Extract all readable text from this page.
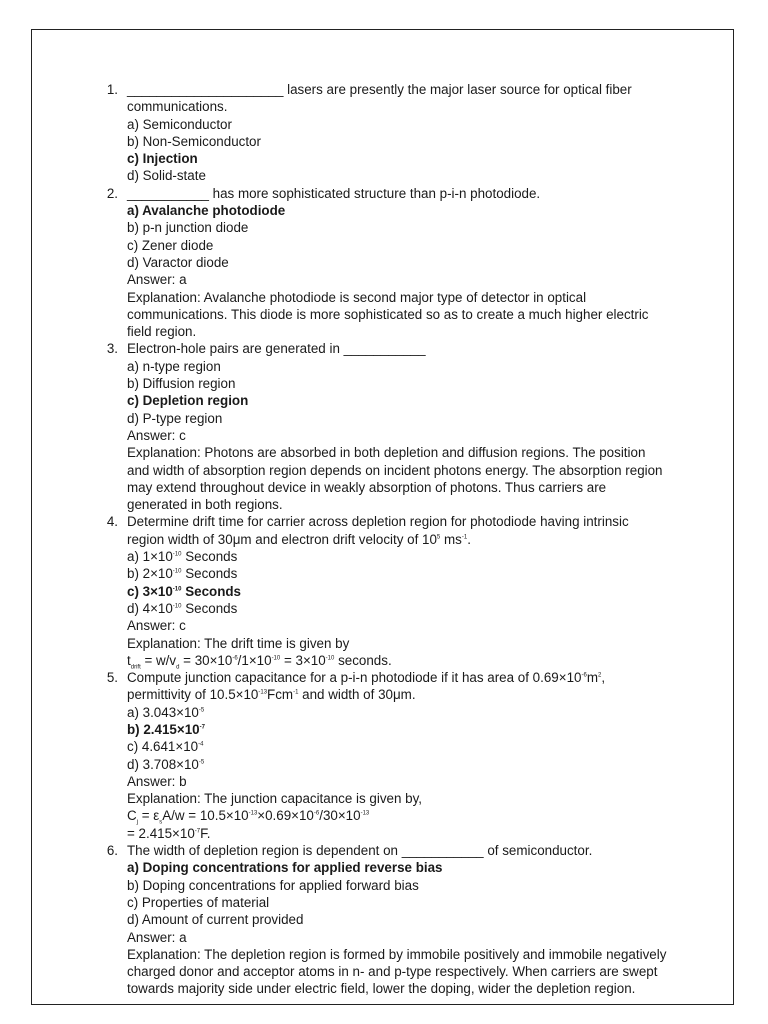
1. _____________________ lasers are presently the major laser source for optical fiber
communications.
a) Semiconductor
b) Non-Semiconductor
c) Injection
d) Solid-state
2. ___________ has more sophisticated structure than p-i-n photodiode.
a) Avalanche photodiode
b) p-n junction diode
c) Zener diode
d) Varactor diode
Answer: a
Explanation: Avalanche photodiode is second major type of detector in optical
communications. This diode is more sophisticated so as to create a much higher electric
field region.
3. Electron-hole pairs are generated in ___________
a) n-type region
b) Diffusion region
c) Depletion region
d) P-type region
Answer: c
Explanation: Photons are absorbed in both depletion and diffusion regions. The position
and width of absorption region depends on incident photons energy. The absorption region
may extend throughout device in weakly absorption of photons. Thus carriers are
generated in both regions.
4. Determine drift time for carrier across depletion region for photodiode having intrinsic
region width of 30μm and electron drift velocity of $10^5$ $ms^{-1}$.
a) $1\times 10^{-10}$ Seconds
b) $2\times 10^{-10}$ Seconds
c) $3\times 10^{-10}$ Seconds
d) $4\times 10^{-10}$ Seconds
Answer: c
Explanation: The drift time is given by
$t_{drift} = w/v_d = 30\times 10^{-6}/1\times 10^{-10} = 3\times 10^{-10}$ seconds.
5. Compute junction capacitance for a p-i-n photodiode if it has area of $0.69\times 10^{-6}m^2$,
permittivity of $10.5\times 10^{-13}Fcm^{-1}$ and width of 30μm.
a) $3.043\times 10^{-5}$
b) $2.415\times 10^{-7}$
c) $4.641\times 10^{-4}$
d) $3.708\times 10^{-5}$
Answer: b
Explanation: The junction capacitance is given by,
$C_j = \varepsilon_sA/w = 10.5\times 10^{-13}\times 0.69\times 10^{-6}/30\times 10^{-13}$
= $2.415\times 10^{-7}F$.
6. The width of depletion region is dependent on ___________ of semiconductor.
a) Doping concentrations for applied reverse bias
b) Doping concentrations for applied forward bias
c) Properties of material
d) Amount of current provided
Answer: a
Explanation: The depletion region is formed by immobile positively and immobile negatively
charged donor and acceptor atoms in n- and p-type respectively. When carriers are swept
towards majority side under electric field, lower the doping, wider the depletion region.
